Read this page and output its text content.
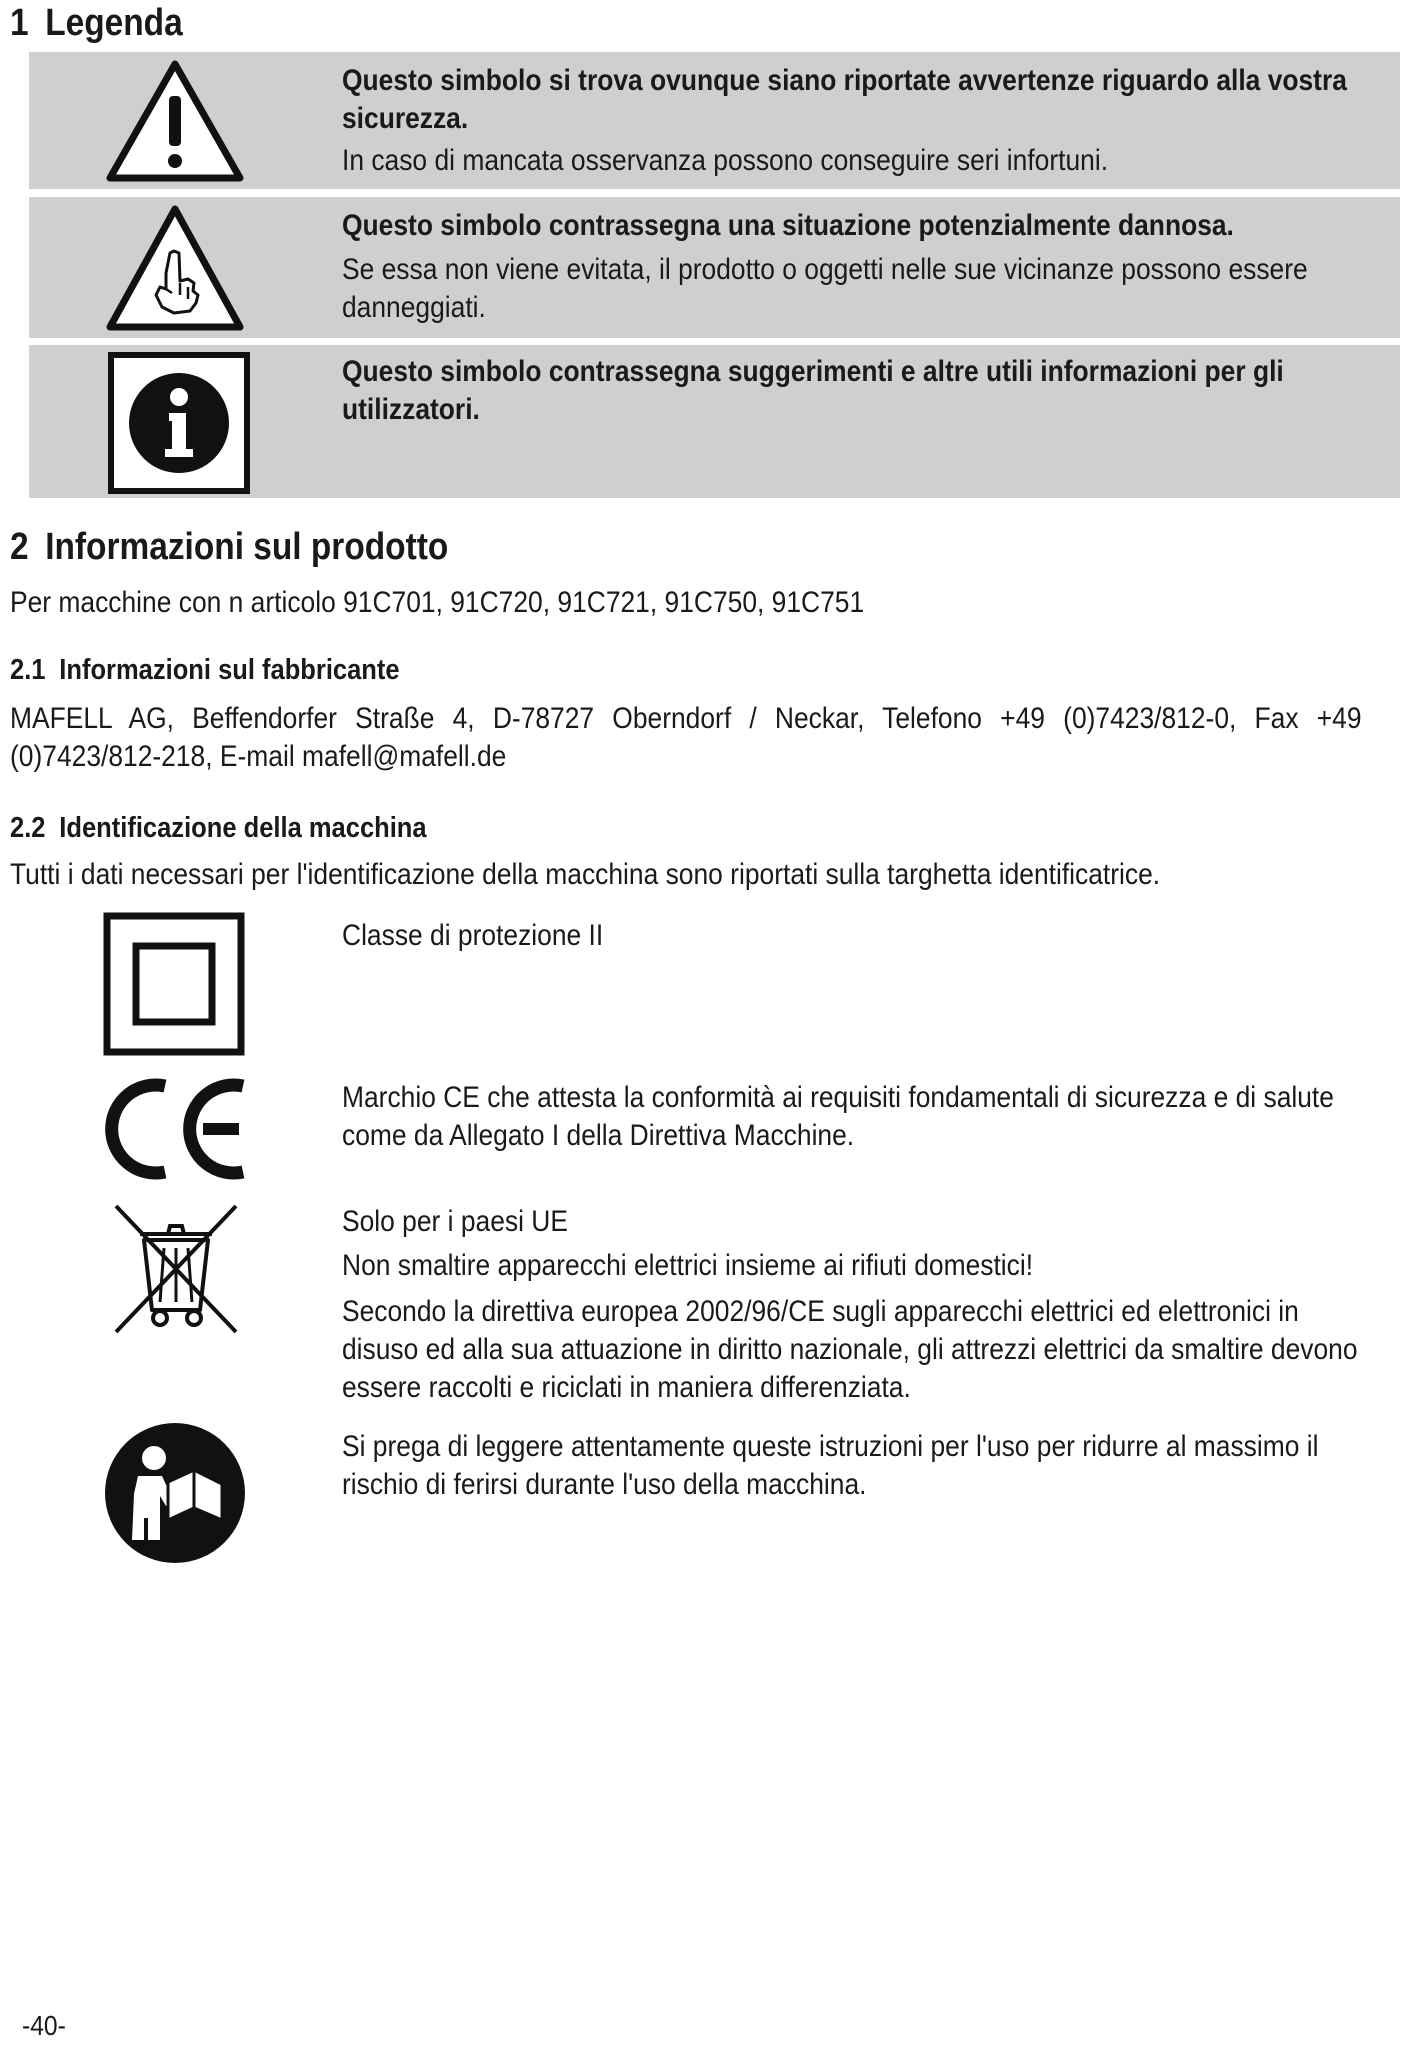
1 Legenda

Questo simbolo si trova ovunque siano riportate avvertenze riguardo alla vostra sicurezza.

In caso di mancata osservanza possono conseguire seri infortuni.

Questo simbolo contrassegna una situazione potenzialmente dannosa.

Se essa non viene evitata, il prodotto o oggetti nelle sue vicinanze possono essere danneggiati.

Questo simbolo contrassegna suggerimenti e altre utili informazioni per gli utilizzatori.

2 Informazioni sul prodotto

Per macchine con n articolo 91C701, 91C720, 91C721, 91C750, 91C751

2.1 Informazioni sul fabbricante

MAFELL AG, Beffendorfer Straße 4, D-78727 Oberndorf / Neckar, Telefono +49 (0)7423/812-0, Fax +49 (0)7423/812-218, E-mail mafell@mafell.de

2.2 Identificazione della macchina

Tutti i dati necessari per l'identificazione della macchina sono riportati sulla targhetta identificatrice.

Classe di protezione II

Marchio CE che attesta la conformità ai requisiti fondamentali di sicurezza e di salute come da Allegato I della Direttiva Macchine.

Solo per i paesi UE

Non smaltire apparecchi elettrici insieme ai rifiuti domestici!

Secondo la direttiva europea 2002/96/CE sugli apparecchi elettrici ed elettronici in disuso ed alla sua attuazione in diritto nazionale, gli attrezzi elettrici da smaltire devono essere raccolti e riciclati in maniera differenziata.

Si prega di leggere attentamente queste istruzioni per l'uso per ridurre al massimo il rischio di ferirsi durante l'uso della macchina.

-40-
